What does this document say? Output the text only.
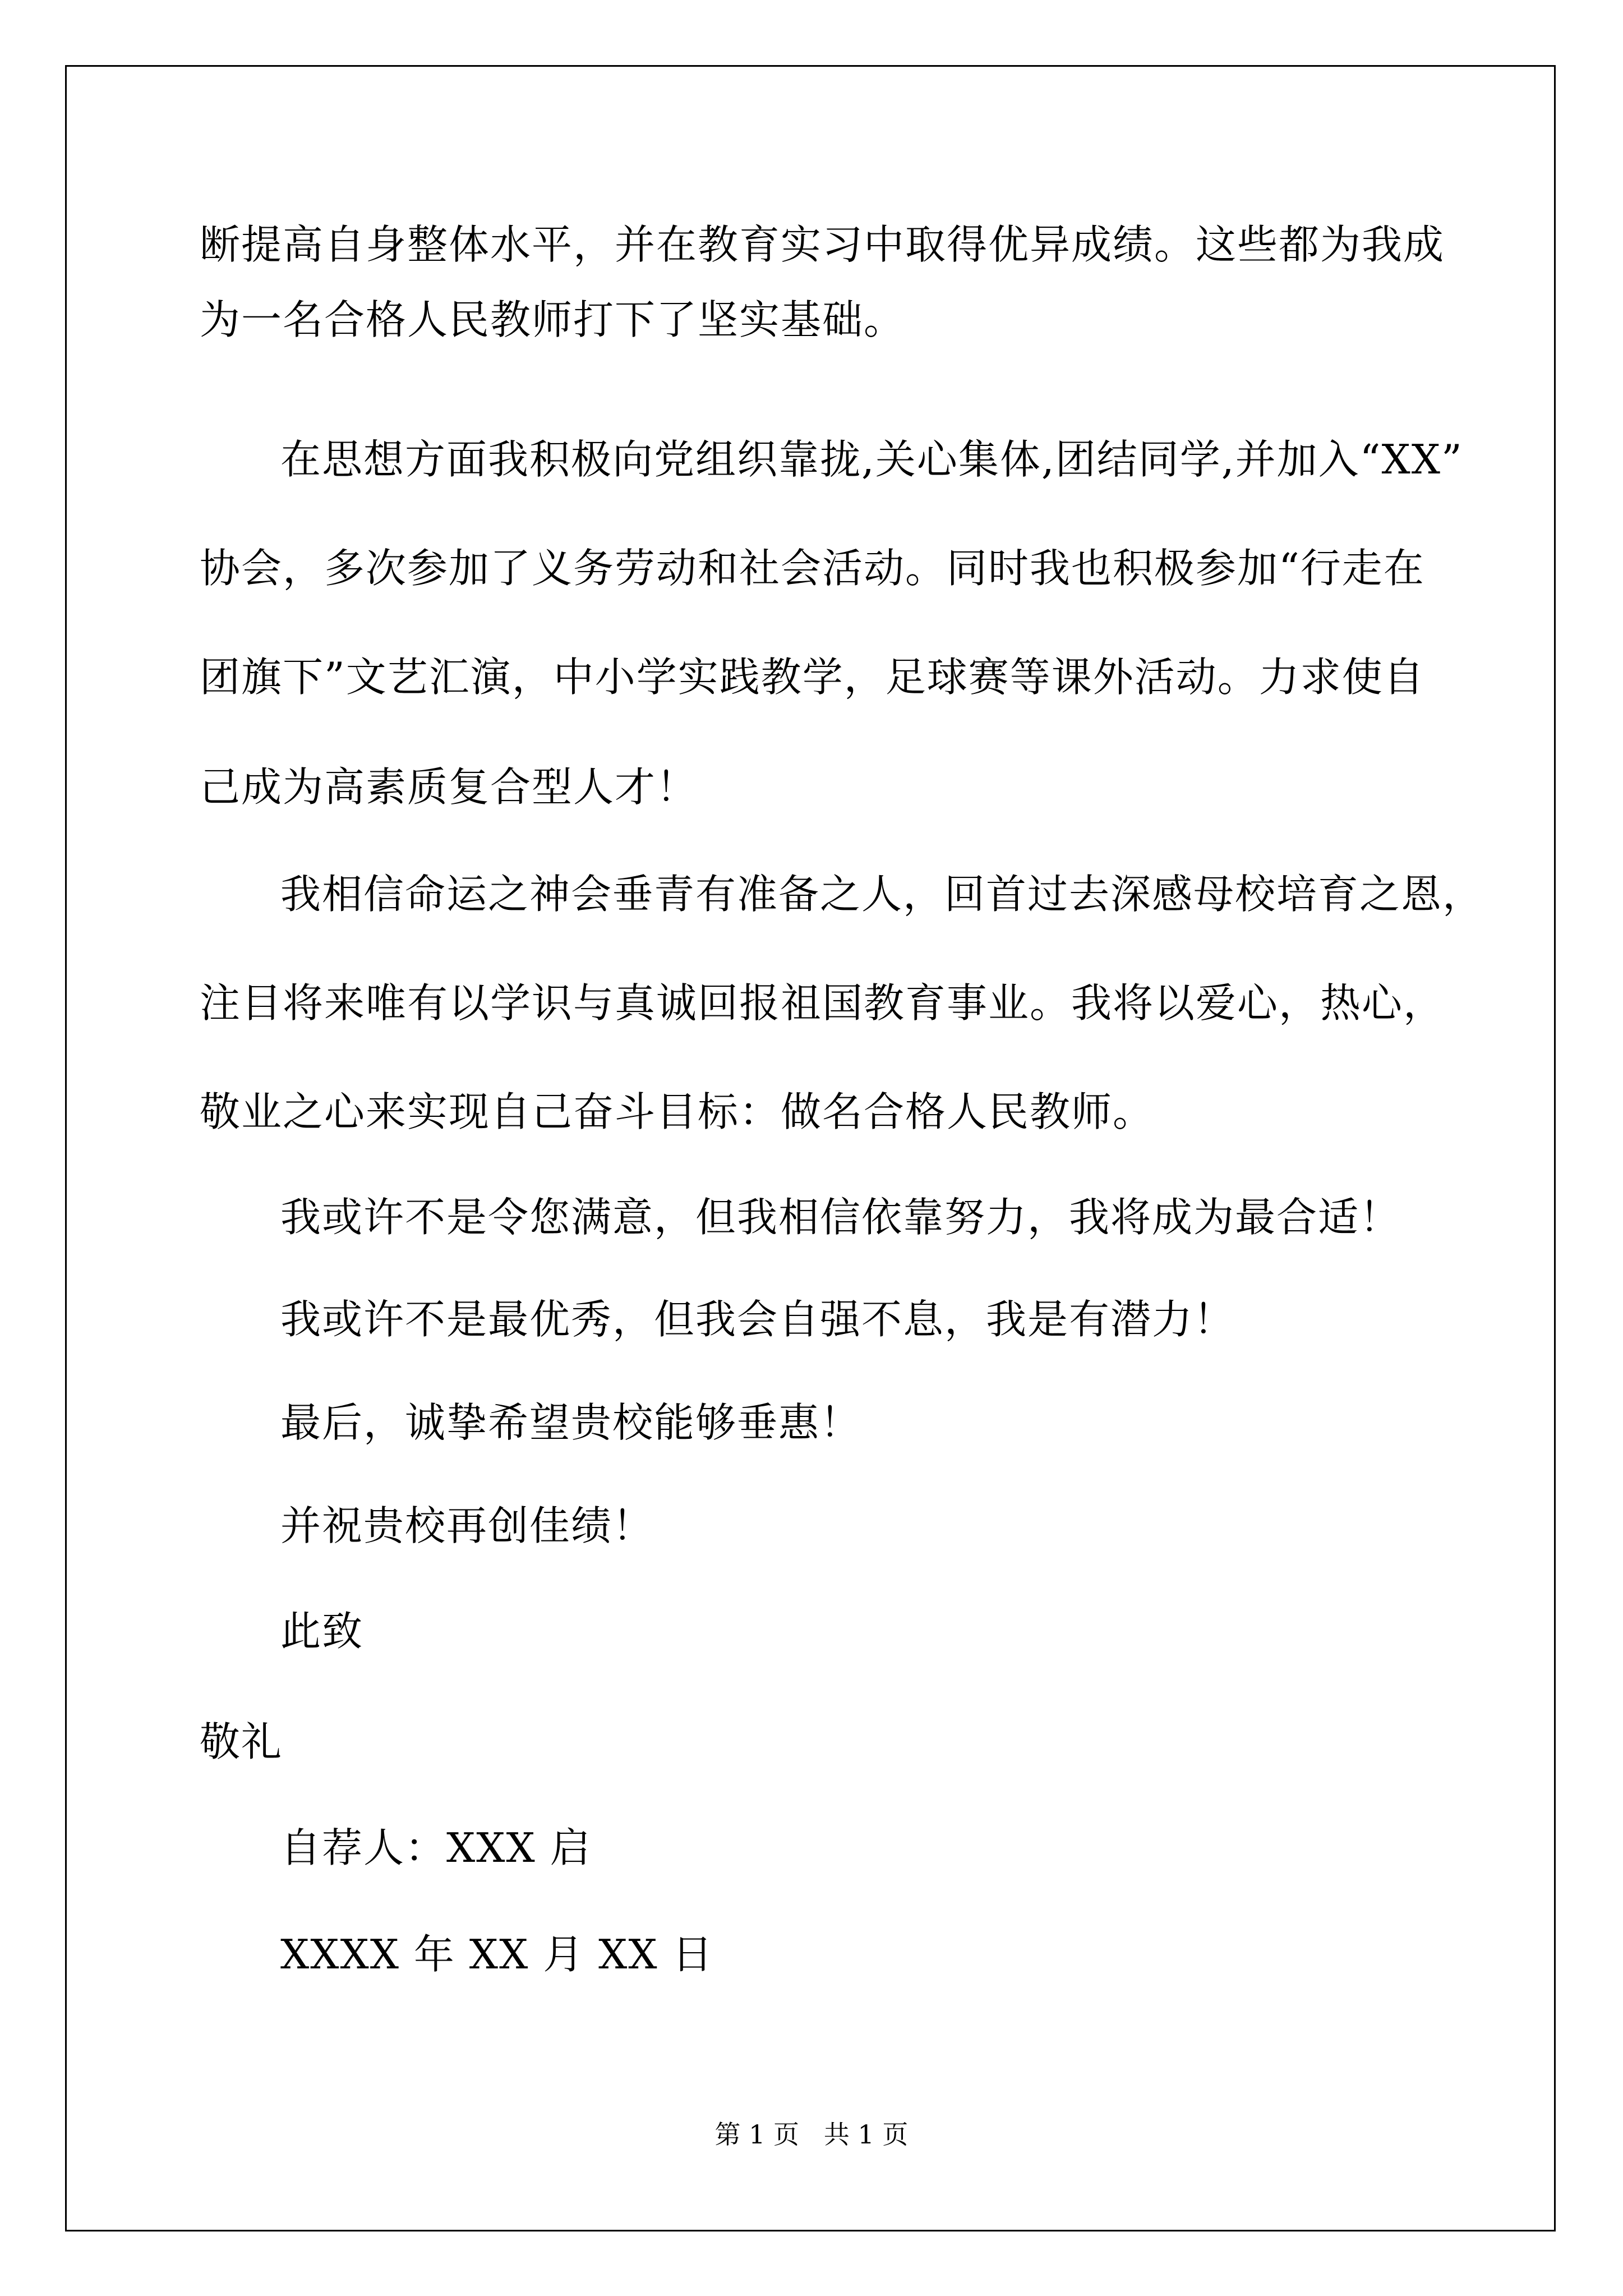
断提高自身整体水平，并在教育实习中取得优异成绩。这些都为我成
为一名合格人民教师打下了坚实基础。
在思想方面我积极向党组织靠拢,关心集体,团结同学,并加入“XX”
协会，多次参加了义务劳动和社会活动。同时我也积极参加“行走在
团旗下”文艺汇演，中小学实践教学，足球赛等课外活动。力求使自
己成为高素质复合型人才！
我相信命运之神会垂青有准备之人，回首过去深感母校培育之恩，
注目将来唯有以学识与真诚回报祖国教育事业。我将以爱心，热心，
敬业之心来实现自己奋斗目标：做名合格人民教师。
我或许不是令您满意，但我相信依靠努力，我将成为最合适！
我或许不是最优秀，但我会自强不息，我是有潜力！
最后，诚挚希望贵校能够垂惠！
并祝贵校再创佳绩！
此致
敬礼
自荐人：XXX 启
XXXX 年 XX 月 XX 日
第 1 页   共 1 页
